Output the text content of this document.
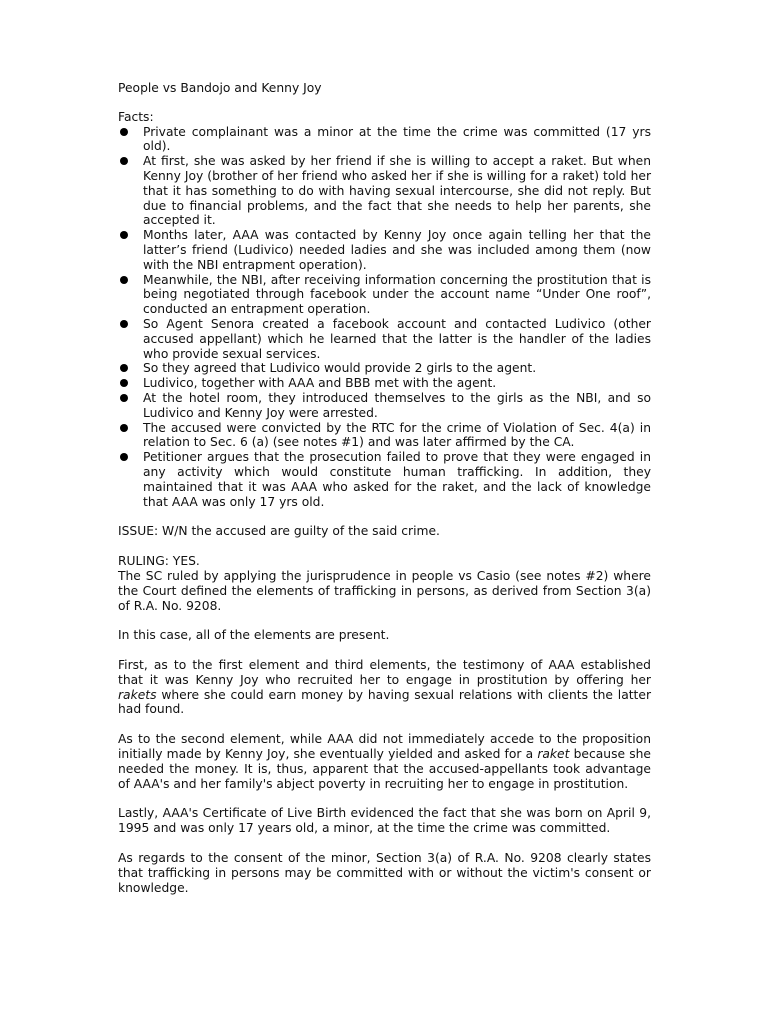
People vs Bandojo and Kenny Joy
Facts:
Private complainant was a minor at the time the crime was committed (17 yrs old).
At first, she was asked by her friend if she is willing to accept a raket. But when Kenny Joy (brother of her friend who asked her if she is willing for a raket) told her that it has something to do with having sexual intercourse, she did not reply. But due to financial problems, and the fact that she needs to help her parents, she accepted it.
Months later, AAA was contacted by Kenny Joy once again telling her that the latter’s friend (Ludivico) needed ladies and she was included among them (now with the NBI entrapment operation).
Meanwhile, the NBI, after receiving information concerning the prostitution that is being negotiated through facebook under the account name “Under One roof”, conducted an entrapment operation.
So Agent Senora created a facebook account and contacted Ludivico (other accused appellant) which he learned that the latter is the handler of the ladies who provide sexual services.
So they agreed that Ludivico would provide 2 girls to the agent.
Ludivico, together with AAA and BBB met with the agent.
At the hotel room, they introduced themselves to the girls as the NBI, and so Ludivico and Kenny Joy were arrested.
The accused were convicted by the RTC for the crime of Violation of Sec. 4(a) in relation to Sec. 6 (a) (see notes #1) and was later affirmed by the CA.
Petitioner argues that the prosecution failed to prove that they were engaged in any activity which would constitute human trafficking. In addition, they maintained that it was AAA who asked for the raket, and the lack of knowledge that AAA was only 17 yrs old.

ISSUE: W/N the accused are guilty of the said crime.

RULING: YES.

The SC ruled by applying the jurisprudence in people vs Casio (see notes #2) where the Court defined the elements of trafficking in persons, as derived from Section 3(a) of R.A. No. 9208.

In this case, all of the elements are present.

First, as to the first element and third elements, the testimony of AAA established that it was Kenny Joy who recruited her to engage in prostitution by offering her rakets where she could earn money by having sexual relations with clients the latter had found.

As to the second element, while AAA did not immediately accede to the proposition initially made by Kenny Joy, she eventually yielded and asked for a raket because she needed the money. It is, thus, apparent that the accused-appellants took advantage of AAA's and her family's abject poverty in recruiting her to engage in prostitution.

Lastly, AAA's Certificate of Live Birth evidenced the fact that she was born on April 9, 1995 and was only 17 years old, a minor, at the time the crime was committed.

As regards to the consent of the minor, Section 3(a) of R.A. No. 9208 clearly states that trafficking in persons may be committed with or without the victim's consent or knowledge.
